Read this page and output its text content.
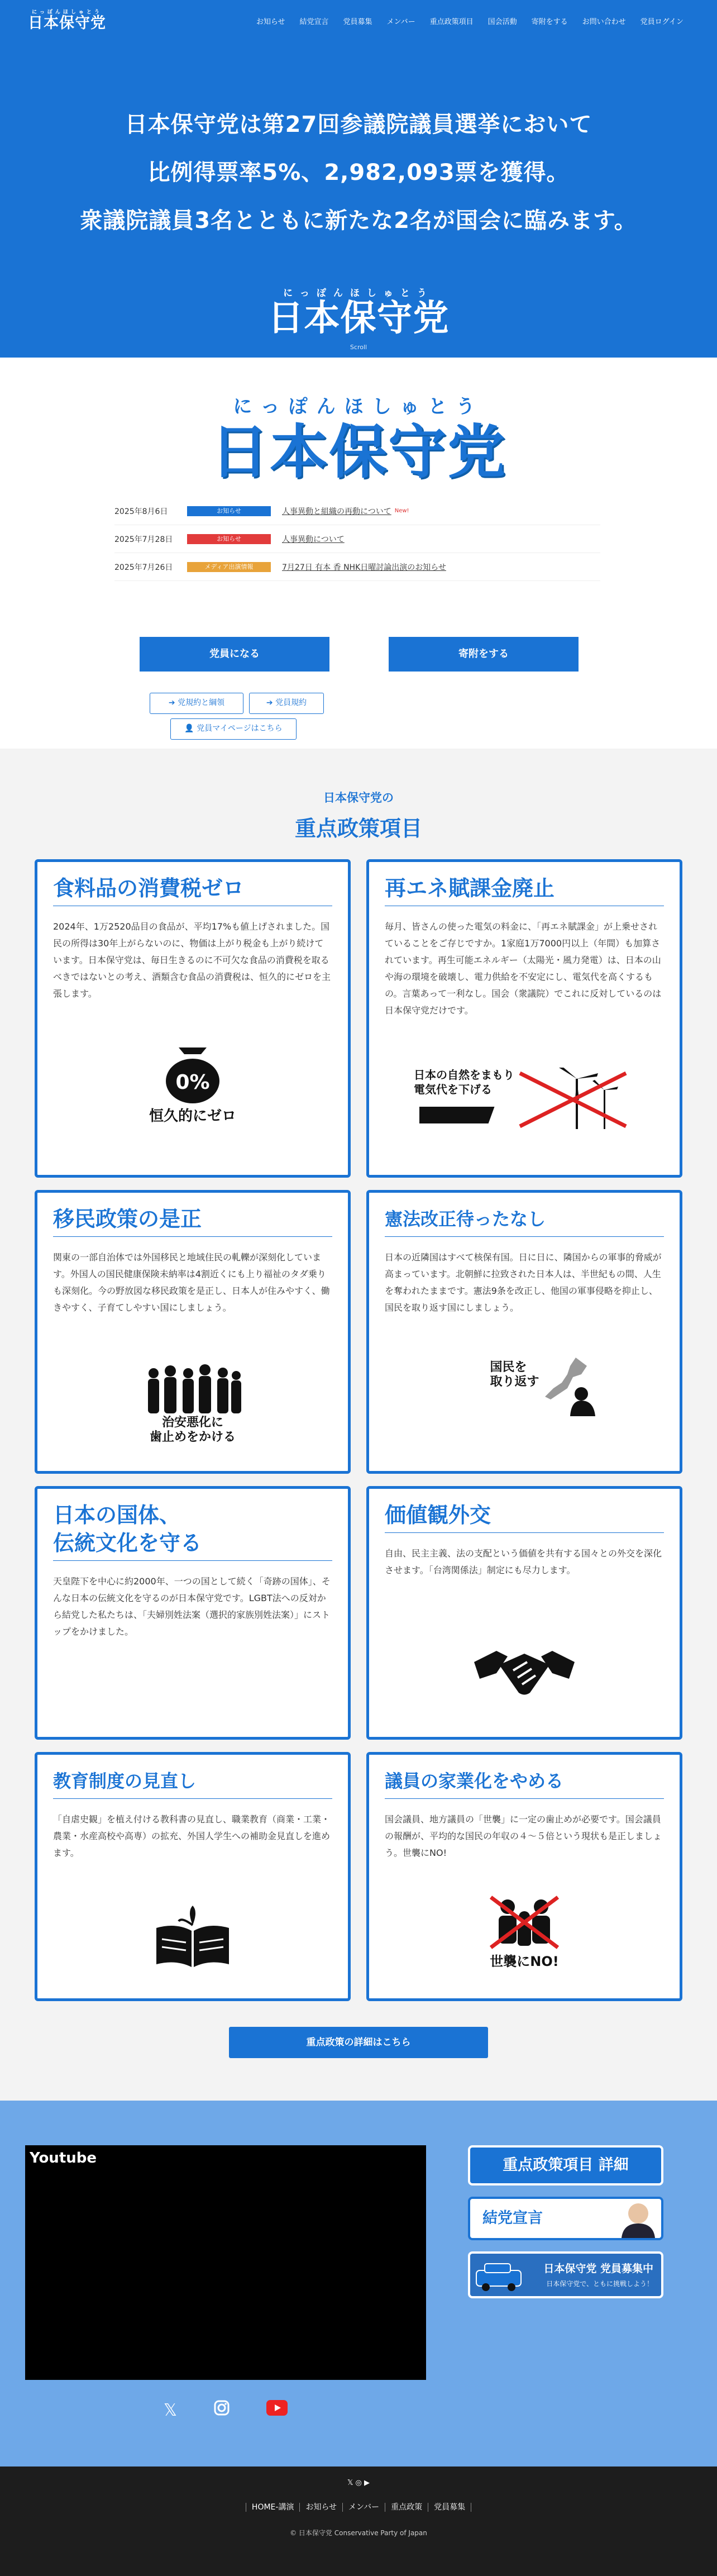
にっぽんほしゅとう
日本保守党	お知らせ 結党宣言 党員募集 メンバー 重点政策項目 国会活動 寄附をする お問い合わせ 党員ログイン
日本保守党は第27回参議院議員選挙において
比例得票率5%、2,982,093票を獲得。
衆議院議員3名とともに新たな2名が国会に臨みます。
にっぽんほしゅとう
日本保守党
Scroll
にっぽんほしゅとう
日本保守党
2025年8月6日	お知らせ	人事異動と組織の再動について New!
2025年7月28日	お知らせ	人事異動について
2025年7月26日	メディア出演情報	7月27日 有本 香 NHK日曜討論出演のお知らせ
党員になる	寄附をする
➔ 党規約と綱領	➔ 党員規約
👤 党員マイページはこちら
日本保守党の
重点政策項目
食料品の消費税ゼロ

2024年、1万2520品目の食品が、平均17%も値上げされました。国民の所得は30年上がらないのに、物価は上がり税金も上がり続けています。日本保守党は、毎日生きるのに不可欠な食品の消費税を取るべきではないとの考え、酒類含む食品の消費税は、恒久的にゼロを主張します。

0%
恒久的にゼロ
再エネ賦課金廃止

毎月、皆さんの使った電気の料金に、「再エネ賦課金」が上乗せされていることをご存じですか。1家庭1万7000円以上（年間）も加算されています。再生可能エネルギー（太陽光・風力発電）は、日本の山や海の環境を破壊し、電力供給を不安定にし、電気代を高くするもの。言葉あって一利なし。国会（衆議院）でこれに反対しているのは日本保守党だけです。

日本の自然をまもり
電気代を下げる
移民政策の是正

関東の一部自治体では外国移民と地域住民の軋轢が深刻化しています。外国人の国民健康保険未納率は4割近くにも上り福祉のタダ乗りも深刻化。今の野放図な移民政策を是正し、日本人が住みやすく、働きやすく、子育てしやすい国にしましょう。

治安悪化に
歯止めをかける
憲法改正待ったなし

日本の近隣国はすべて核保有国。日に日に、隣国からの軍事的脅威が高まっています。北朝鮮に拉致された日本人は、半世紀もの間、人生を奪われたままです。憲法9条を改正し、他国の軍事侵略を抑止し、国民を取り返す国にしましょう。

国民を
取り返す
日本の国体、
伝統文化を守る

天皇陛下を中心に約2000年、一つの国として続く「奇跡の国体」、そんな日本の伝統文化を守るのが日本保守党です。LGBT法への反対から結党した私たちは、「夫婦別姓法案（選択的家族別姓法案）」にストップをかけました。

価値観外交

自由、民主主義、法の支配という価値を共有する国々との外交を深化させます。「台湾関係法」制定にも尽力します。

教育制度の見直し

「自虐史観」を植え付ける教科書の見直し、職業教育（商業・工業・農業・水産高校や高専）の拡充、外国人学生への補助金見直しを進めます。

議員の家業化をやめる

国会議員、地方議員の「世襲」に一定の歯止めが必要です。国会議員の報酬が、平均的な国民の年収の４〜５倍という現状も是正しましょう。世襲にNO!

世襲にNO!
重点政策の詳細はこちら
Youtube	重点政策項目 詳細
結党宣言
日本保守党 党員募集中
日本保守党で、ともに挑戦しよう！
𝕏
𝕏 ◎ ▶
HOME-講演 お知らせ メンバー 重点政策 党員募集
© 日本保守党 Conservative Party of Japan
